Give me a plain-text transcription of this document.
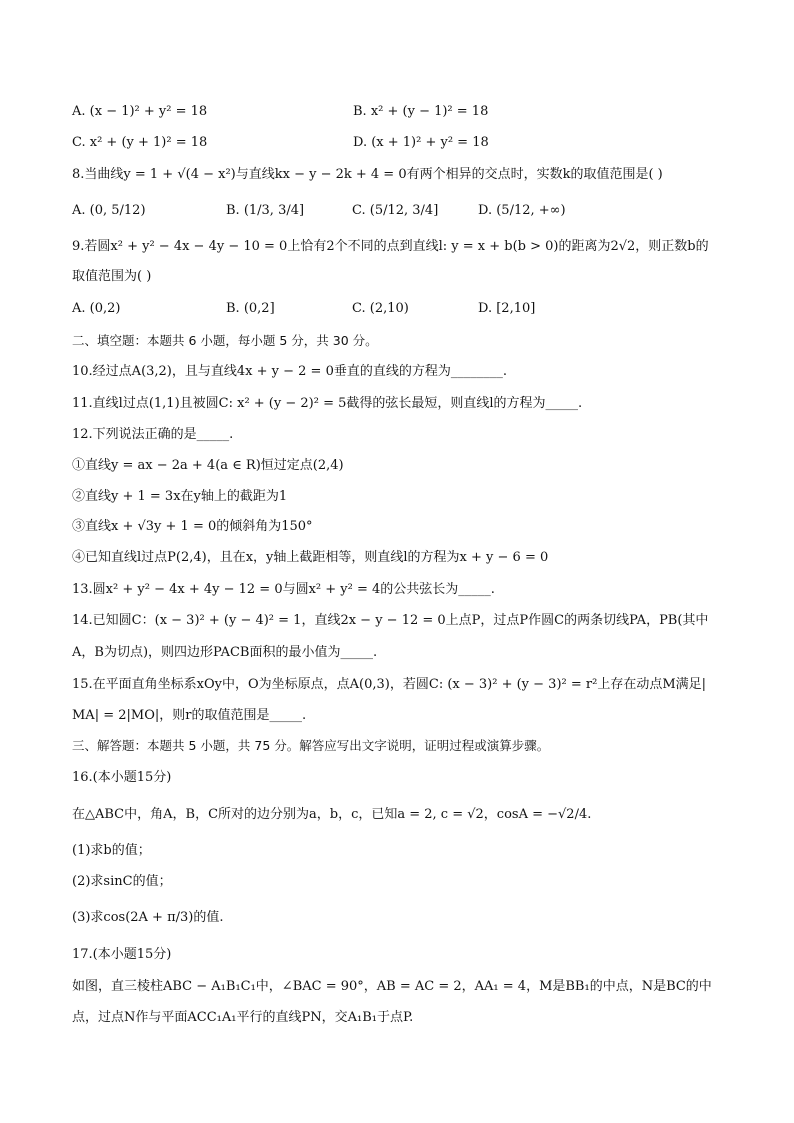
A. (x − 1)² + y² = 18	B. x² + (y − 1)² = 18
C. x² + (y + 1)² = 18	D. (x + 1)² + y² = 18
8.当曲线y = 1 + √(4 − x²)与直线kx − y − 2k + 4 = 0有两个相异的交点时，实数k的取值范围是( )
A. (0, 5/12)	B. (1/3, 3/4]	C. (5/12, 3/4]	D. (5/12, +∞)
9.若圆x² + y² − 4x − 4y − 10 = 0上恰有2个不同的点到直线l: y = x + b(b > 0)的距离为2√2，则正数b的
取值范围为( )
A. (0,2)	B. (0,2]	C. (2,10)	D. [2,10]
二、填空题：本题共 6 小题，每小题 5 分，共 30 分。
10.经过点A(3,2)，且与直线4x + y − 2 = 0垂直的直线的方程为________.
11.直线l过点(1,1)且被圆C: x² + (y − 2)² = 5截得的弦长最短，则直线l的方程为_____.
12.下列说法正确的是_____.
①直线y = ax − 2a + 4(a ∈ R)恒过定点(2,4)
②直线y + 1 = 3x在y轴上的截距为1
③直线x + √3y + 1 = 0的倾斜角为150°
④已知直线l过点P(2,4)，且在x，y轴上截距相等，则直线l的方程为x + y − 6 = 0
13.圆x² + y² − 4x + 4y − 12 = 0与圆x² + y² = 4的公共弦长为_____.
14.已知圆C：(x − 3)² + (y − 4)² = 1，直线2x − y − 12 = 0上点P，过点P作圆C的两条切线PA，PB(其中
A，B为切点)，则四边形PACB面积的最小值为_____.
15.在平面直角坐标系xOy中，O为坐标原点，点A(0,3)，若圆C: (x − 3)² + (y − 3)² = r²上存在动点M满足|
MA| = 2|MO|，则r的取值范围是_____.
三、解答题：本题共 5 小题，共 75 分。解答应写出文字说明，证明过程或演算步骤。
16.(本小题15分)
在△ABC中，角A，B，C所对的边分别为a，b，c，已知a = 2, c = √2，cosA = −√2/4.
(1)求b的值；
(2)求sinC的值；
(3)求cos(2A + π/3)的值.
17.(本小题15分)
如图，直三棱柱ABC − A₁B₁C₁中，∠BAC = 90°，AB = AC = 2，AA₁ = 4，M是BB₁的中点，N是BC的中
点，过点N作与平面ACC₁A₁平行的直线PN，交A₁B₁于点P.
